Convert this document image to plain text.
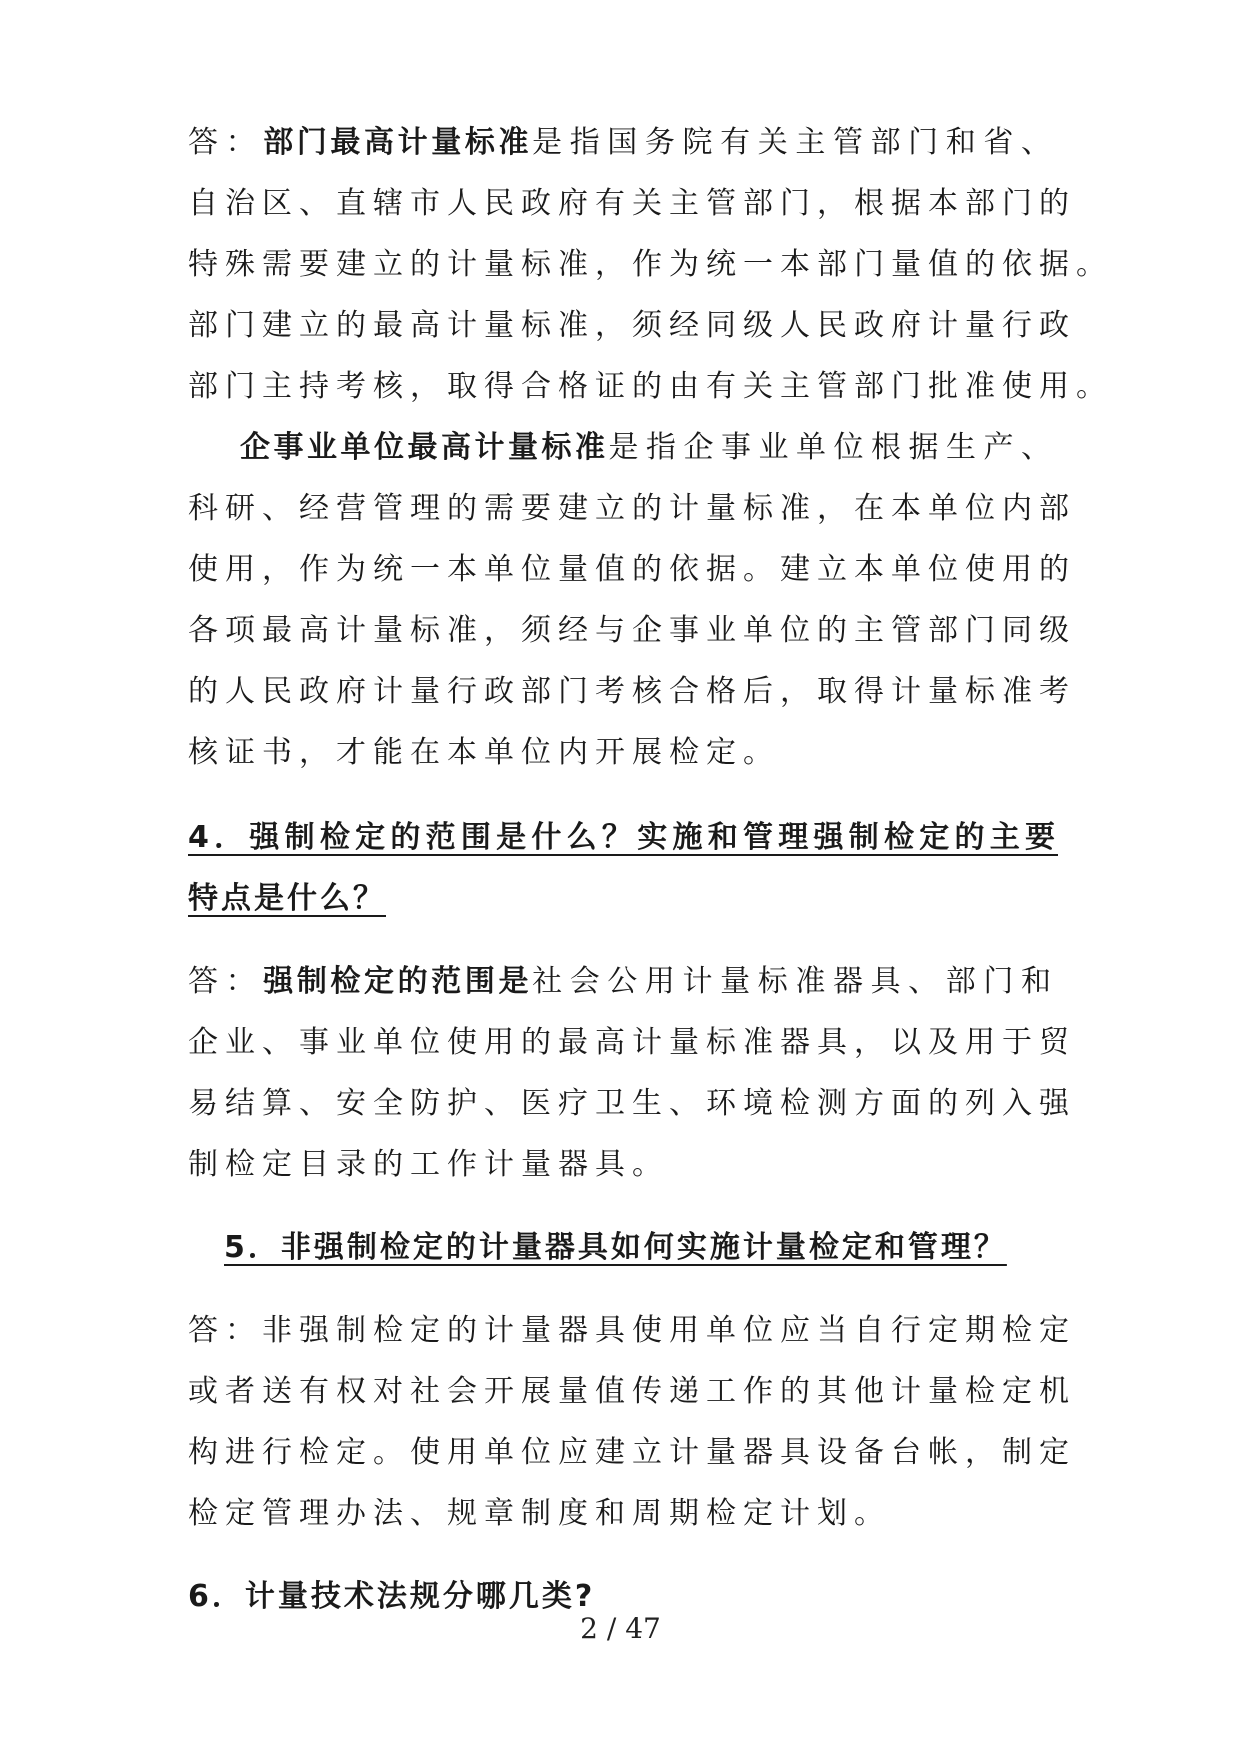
答：部门最高计量标准是指国务院有关主管部门和省、
自治区、直辖市人民政府有关主管部门，根据本部门的
特殊需要建立的计量标准，作为统一本部门量值的依据。
部门建立的最高计量标准，须经同级人民政府计量行政
部门主持考核，取得合格证的由有关主管部门批准使用。
企事业单位最高计量标准是指企事业单位根据生产、
科研、经营管理的需要建立的计量标准，在本单位内部
使用，作为统一本单位量值的依据。建立本单位使用的
各项最高计量标准，须经与企事业单位的主管部门同级
的人民政府计量行政部门考核合格后，取得计量标准考
核证书，才能在本单位内开展检定。
4．强制检定的范围是什么？实施和管理强制检定的主要
特点是什么？
答：强制检定的范围是社会公用计量标准器具、部门和
企业、事业单位使用的最高计量标准器具，以及用于贸
易结算、安全防护、医疗卫生、环境检测方面的列入强
制检定目录的工作计量器具。
5．非强制检定的计量器具如何实施计量检定和管理？
答：非强制检定的计量器具使用单位应当自行定期检定
或者送有权对社会开展量值传递工作的其他计量检定机
构进行检定。使用单位应建立计量器具设备台帐，制定
检定管理办法、规章制度和周期检定计划。
6．计量技术法规分哪几类?
2 / 47
